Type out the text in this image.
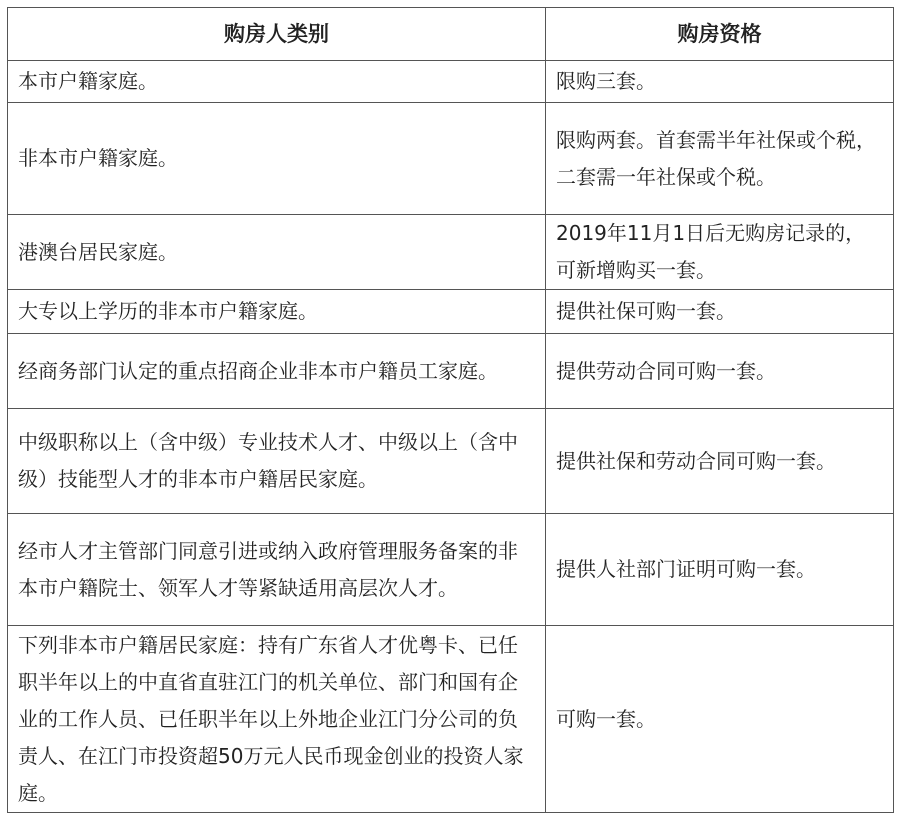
购房人类别	购房资格
本市户籍家庭。	限购三套。
非本市户籍家庭。	限购两套。首套需半年社保或个税，二套需一年社保或个税。
港澳台居民家庭。	2019年11月1日后无购房记录的，可新增购买一套。
大专以上学历的非本市户籍家庭。	提供社保可购一套。
经商务部门认定的重点招商企业非本市户籍员工家庭。	提供劳动合同可购一套。
中级职称以上（含中级）专业技术人才、中级以上（含中级）技能型人才的非本市户籍居民家庭。	提供社保和劳动合同可购一套。
经市人才主管部门同意引进或纳入政府管理服务备案的非本市户籍院士、领军人才等紧缺适用高层次人才。	提供人社部门证明可购一套。
下列非本市户籍居民家庭：持有广东省人才优粤卡、已任职半年以上的中直省直驻江门的机关单位、部门和国有企业的工作人员、已任职半年以上外地企业江门分公司的负责人、在江门市投资超50万元人民币现金创业的投资人家庭。	可购一套。
